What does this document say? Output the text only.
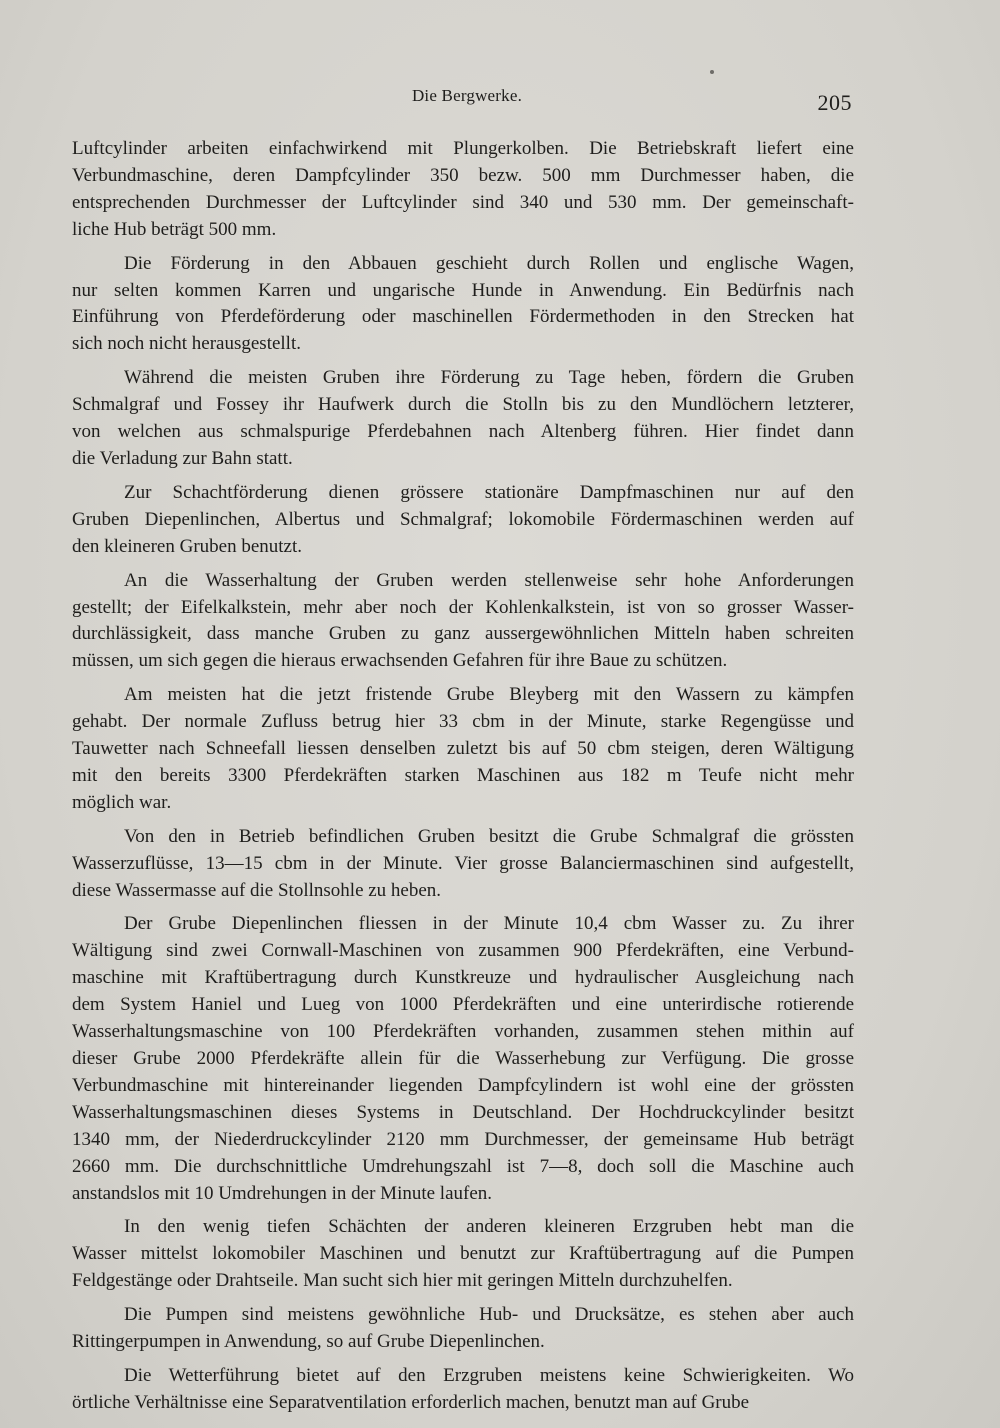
Die Bergwerke.	205

Luftcylinder arbeiten einfachwirkend mit Plungerkolben. Die Betriebskraft liefert eine
Verbundmaschine, deren Dampfcylinder 350 bezw. 500 mm Durchmesser haben, die
entsprechenden Durchmesser der Luftcylinder sind 340 und 530 mm. Der gemeinschaft-
liche Hub beträgt 500 mm.

Die Förderung in den Abbauen geschieht durch Rollen und englische Wagen,
nur selten kommen Karren und ungarische Hunde in Anwendung. Ein Bedürfnis nach
Einführung von Pferdeförderung oder maschinellen Fördermethoden in den Strecken hat
sich noch nicht herausgestellt.

Während die meisten Gruben ihre Förderung zu Tage heben, fördern die Gruben
Schmalgraf und Fossey ihr Haufwerk durch die Stolln bis zu den Mundlöchern letzterer,
von welchen aus schmalspurige Pferdebahnen nach Altenberg führen. Hier findet dann
die Verladung zur Bahn statt.

Zur Schachtförderung dienen grössere stationäre Dampfmaschinen nur auf den
Gruben Diepenlinchen, Albertus und Schmalgraf; lokomobile Fördermaschinen werden auf
den kleineren Gruben benutzt.

An die Wasserhaltung der Gruben werden stellenweise sehr hohe Anforderungen
gestellt; der Eifelkalkstein, mehr aber noch der Kohlenkalkstein, ist von so grosser Wasser-
durchlässigkeit, dass manche Gruben zu ganz aussergewöhnlichen Mitteln haben schreiten
müssen, um sich gegen die hieraus erwachsenden Gefahren für ihre Baue zu schützen.

Am meisten hat die jetzt fristende Grube Bleyberg mit den Wassern zu kämpfen
gehabt. Der normale Zufluss betrug hier 33 cbm in der Minute, starke Regengüsse und
Tauwetter nach Schneefall liessen denselben zuletzt bis auf 50 cbm steigen, deren Wältigung
mit den bereits 3300 Pferdekräften starken Maschinen aus 182 m Teufe nicht mehr
möglich war.

Von den in Betrieb befindlichen Gruben besitzt die Grube Schmalgraf die grössten
Wasserzuflüsse, 13—15 cbm in der Minute. Vier grosse Balanciermaschinen sind aufgestellt,
diese Wassermasse auf die Stollnsohle zu heben.

Der Grube Diepenlinchen fliessen in der Minute 10,4 cbm Wasser zu. Zu ihrer
Wältigung sind zwei Cornwall-Maschinen von zusammen 900 Pferdekräften, eine Verbund-
maschine mit Kraftübertragung durch Kunstkreuze und hydraulischer Ausgleichung nach
dem System Haniel und Lueg von 1000 Pferdekräften und eine unterirdische rotierende
Wasserhaltungsmaschine von 100 Pferdekräften vorhanden, zusammen stehen mithin auf
dieser Grube 2000 Pferdekräfte allein für die Wasserhebung zur Verfügung. Die grosse
Verbundmaschine mit hintereinander liegenden Dampfcylindern ist wohl eine der grössten
Wasserhaltungsmaschinen dieses Systems in Deutschland. Der Hochdruckcylinder besitzt
1340 mm, der Niederdruckcylinder 2120 mm Durchmesser, der gemeinsame Hub beträgt
2660 mm. Die durchschnittliche Umdrehungszahl ist 7—8, doch soll die Maschine auch
anstandslos mit 10 Umdrehungen in der Minute laufen.

In den wenig tiefen Schächten der anderen kleineren Erzgruben hebt man die
Wasser mittelst lokomobiler Maschinen und benutzt zur Kraftübertragung auf die Pumpen
Feldgestänge oder Drahtseile. Man sucht sich hier mit geringen Mitteln durchzuhelfen.

Die Pumpen sind meistens gewöhnliche Hub- und Drucksätze, es stehen aber auch
Rittingerpumpen in Anwendung, so auf Grube Diepenlinchen.

Die Wetterführung bietet auf den Erzgruben meistens keine Schwierigkeiten. Wo
örtliche Verhältnisse eine Separatventilation erforderlich machen, benutzt man auf Grube
